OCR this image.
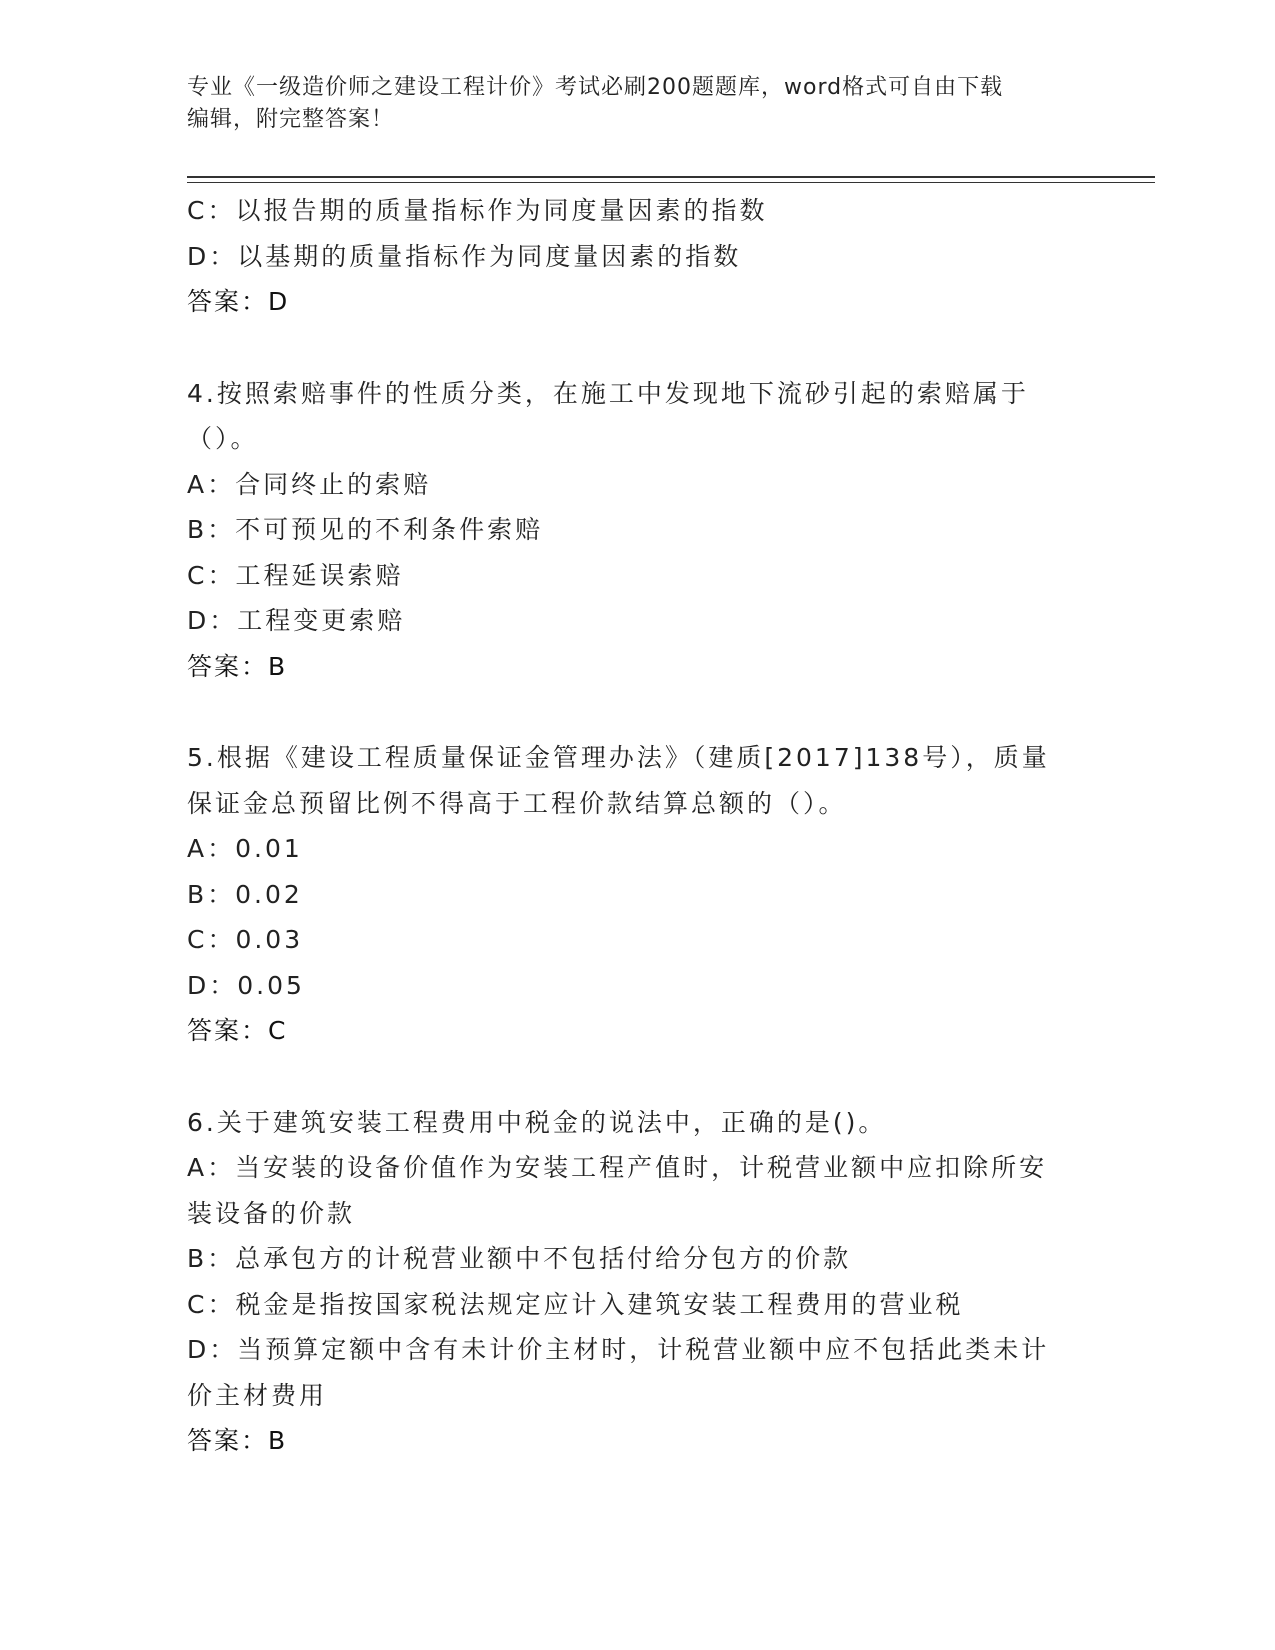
专业《一级造价师之建设工程计价》考试必刷200题题库，word格式可自由下载
编辑，附完整答案！
C：以报告期的质量指标作为同度量因素的指数
D：以基期的质量指标作为同度量因素的指数
答案：D
4.按照索赔事件的性质分类，在施工中发现地下流砂引起的索赔属于
（）。
A：合同终止的索赔
B：不可预见的不利条件索赔
C：工程延误索赔
D：工程变更索赔
答案：B
5.根据《建设工程质量保证金管理办法》（建质[2017]138号），质量
保证金总预留比例不得高于工程价款结算总额的（）。
A：0.01
B：0.02
C：0.03
D：0.05
答案：C
6.关于建筑安装工程费用中税金的说法中，正确的是()。
A：当安装的设备价值作为安装工程产值时，计税营业额中应扣除所安
装设备的价款
B：总承包方的计税营业额中不包括付给分包方的价款
C：税金是指按国家税法规定应计入建筑安装工程费用的营业税
D：当预算定额中含有未计价主材时，计税营业额中应不包括此类未计
价主材费用
答案：B
